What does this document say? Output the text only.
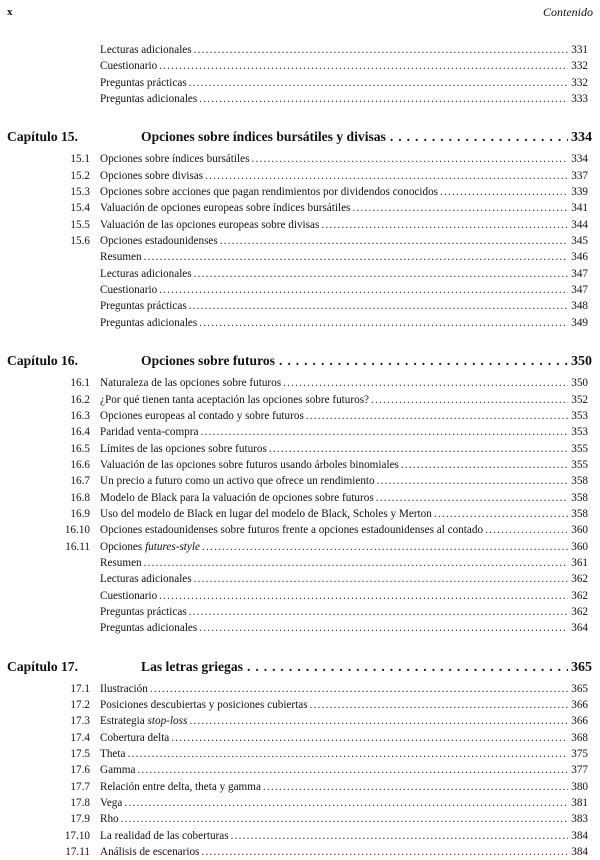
x	Contenido
Lecturas adicionales .....	331
Cuestionario .....	332
Preguntas prácticas .....	332
Preguntas adicionales .....	333
Capítulo 15.	Opciones sobre índices bursátiles y divisas .....	334
15.1 Opciones sobre índices bursátiles .....	334
15.2 Opciones sobre divisas .....	337
15.3 Opciones sobre acciones que pagan rendimientos por dividendos conocidos .....	339
15.4 Valuación de opciones europeas sobre índices bursátiles .....	341
15.5 Valuación de las opciones europeas sobre divisas .....	344
15.6 Opciones estadounidenses .....	345
Resumen .....	346
Lecturas adicionales .....	347
Cuestionario .....	347
Preguntas prácticas .....	348
Preguntas adicionales .....	349
Capítulo 16.	Opciones sobre futuros .....	350
16.1 Naturaleza de las opciones sobre futuros .....	350
16.2 ¿Por qué tienen tanta aceptación las opciones sobre futuros? .....	352
16.3 Opciones europeas al contado y sobre futuros .....	353
16.4 Paridad venta-compra .....	353
16.5 Límites de las opciones sobre futuros .....	355
16.6 Valuación de las opciones sobre futuros usando árboles binomiales .....	355
16.7 Un precio a futuro como un activo que ofrece un rendimiento .....	358
16.8 Modelo de Black para la valuación de opciones sobre futuros .....	358
16.9 Uso del modelo de Black en lugar del modelo de Black, Scholes y Merton .....	358
16.10 Opciones estadounidenses sobre futuros frente a opciones estadounidenses al contado .....	360
16.11 Opciones futures-style .....	360
Resumen .....	361
Lecturas adicionales .....	362
Cuestionario .....	362
Preguntas prácticas .....	362
Preguntas adicionales .....	364
Capítulo 17.	Las letras griegas .....	365
17.1 Ilustración .....	365
17.2 Posiciones descubiertas y posiciones cubiertas .....	366
17.3 Estrategia stop-loss .....	366
17.4 Cobertura delta .....	368
17.5 Theta .....	375
17.6 Gamma .....	377
17.7 Relación entre delta, theta y gamma .....	380
17.8 Vega .....	381
17.9 Rho .....	383
17.10 La realidad de las coberturas .....	384
17.11 Análisis de escenarios .....	384
